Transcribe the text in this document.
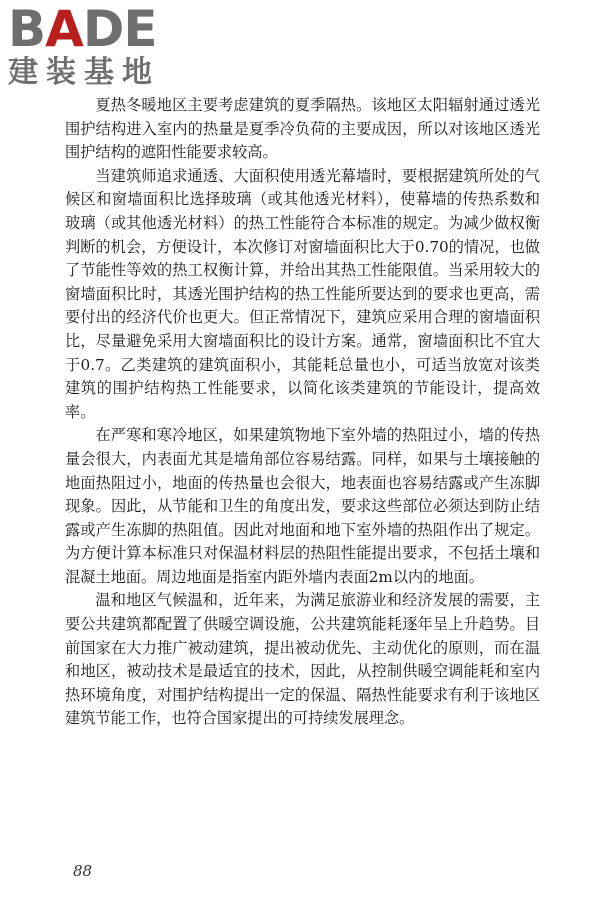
BADE
建装基地

夏热冬暖地区主要考虑建筑的夏季隔热。该地区太阳辐射通过透光围护结构进入室内的热量是夏季冷负荷的主要成因，所以对该地区透光围护结构的遮阳性能要求较高。

当建筑师追求通透、大面积使用透光幕墙时，要根据建筑所处的气候区和窗墙面积比选择玻璃（或其他透光材料），使幕墙的传热系数和玻璃（或其他透光材料）的热工性能符合本标准的规定。为减少做权衡判断的机会，方便设计，本次修订对窗墙面积比大于0.70的情况，也做了节能性等效的热工权衡计算，并给出其热工性能限值。当采用较大的窗墙面积比时，其透光围护结构的热工性能所要达到的要求也更高，需要付出的经济代价也更大。但正常情况下，建筑应采用合理的窗墙面积比，尽量避免采用大窗墙面积比的设计方案。通常，窗墙面积比不宜大于0.7。乙类建筑的建筑面积小，其能耗总量也小，可适当放宽对该类建筑的围护结构热工性能要求，以简化该类建筑的节能设计，提高效率。

在严寒和寒冷地区，如果建筑物地下室外墙的热阻过小，墙的传热量会很大，内表面尤其是墙角部位容易结露。同样，如果与土壤接触的地面热阻过小，地面的传热量也会很大，地表面也容易结露或产生冻脚现象。因此，从节能和卫生的角度出发，要求这些部位必须达到防止结露或产生冻脚的热阻值。因此对地面和地下室外墙的热阻作出了规定。为方便计算本标准只对保温材料层的热阻性能提出要求，不包括土壤和混凝土地面。周边地面是指室内距外墙内表面2m以内的地面。

温和地区气候温和，近年来，为满足旅游业和经济发展的需要，主要公共建筑都配置了供暖空调设施，公共建筑能耗逐年呈上升趋势。目前国家在大力推广被动建筑，提出被动优先、主动优化的原则，而在温和地区，被动技术是最适宜的技术，因此，从控制供暖空调能耗和室内热环境角度，对围护结构提出一定的保温、隔热性能要求有利于该地区建筑节能工作，也符合国家提出的可持续发展理念。

88
